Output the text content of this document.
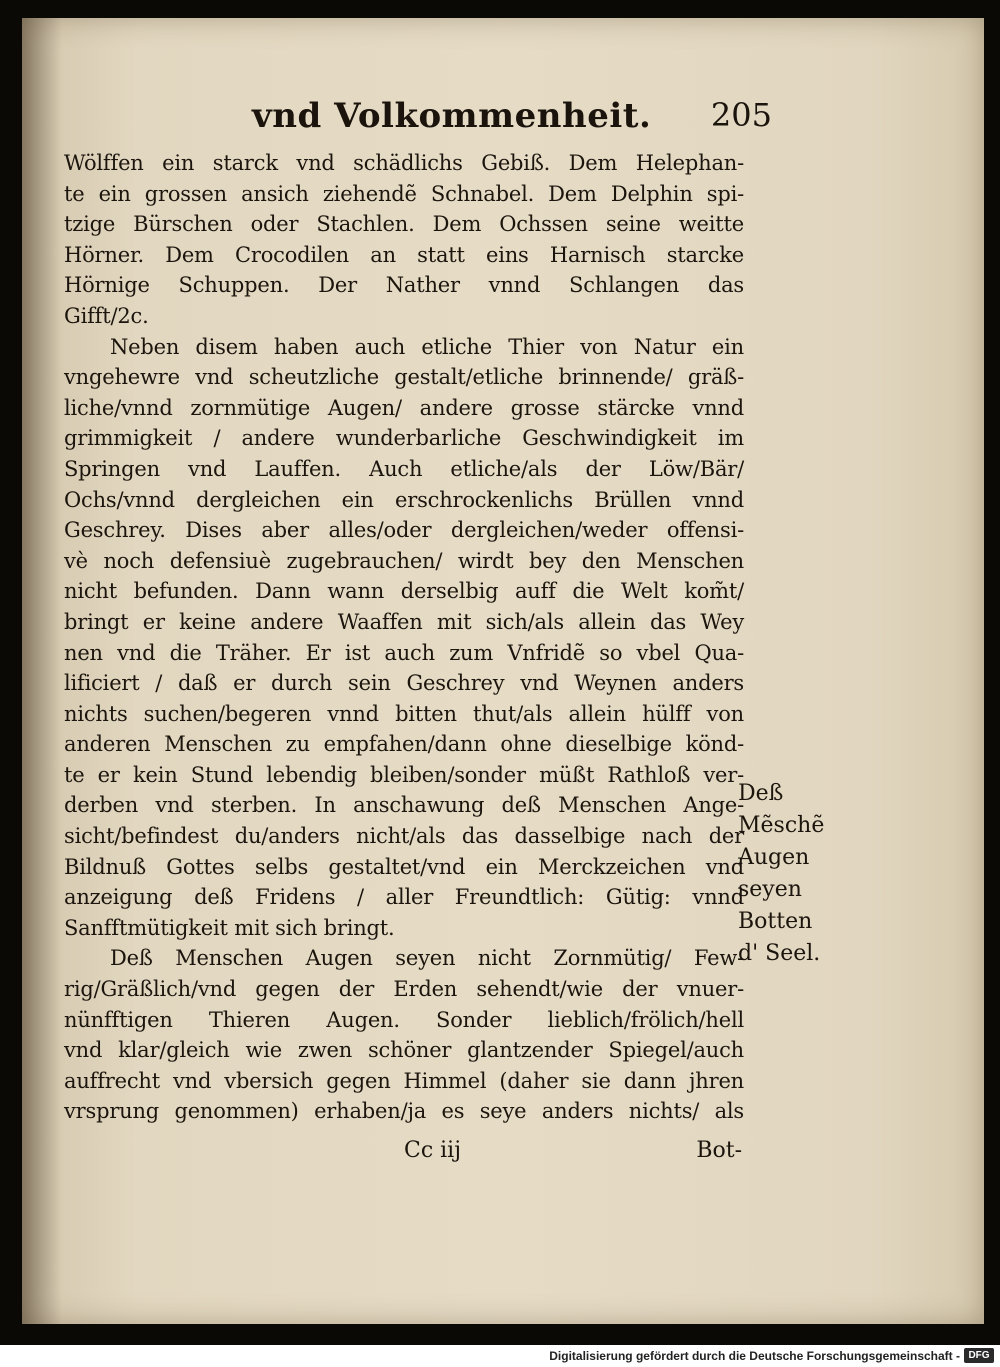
vnd Volkommenheit. 205
Wölffen ein starck vnd schädlichs Gebiß. Dem Helephan-
te ein grossen ansich ziehendẽ Schnabel. Dem Delphin spi-
tzige Bürschen oder Stachlen. Dem Ochssen seine weitte
Hörner. Dem Crocodilen an statt eins Harnisch starcke
Hörnige Schuppen. Der Nather vnnd Schlangen das
Gifft/2c.
Neben disem haben auch etliche Thier von Natur ein
vngehewre vnd scheutzliche gestalt/etliche brinnende/ gräß-
liche/vnnd zornmütige Augen/ andere grosse stärcke vnnd
grimmigkeit / andere wunderbarliche Geschwindigkeit im
Springen vnd Lauffen. Auch etliche/als der Löw/Bär/
Ochs/vnnd dergleichen ein erschrockenlichs Brüllen vnnd
Geschrey. Dises aber alles/oder dergleichen/weder offensi-
vè noch defensiuè zugebrauchen/ wirdt bey den Menschen
nicht befunden. Dann wann derselbig auff die Welt kom̃t/
bringt er keine andere Waaffen mit sich/als allein das Wey
nen vnd die Träher. Er ist auch zum Vnfridẽ so vbel Qua-
lificiert / daß er durch sein Geschrey vnd Weynen anders
nichts suchen/begeren vnnd bitten thut/als allein hülff von
anderen Menschen zu empfahen/dann ohne dieselbige könd-
te er kein Stund lebendig bleiben/sonder müßt Rathloß ver-
derben vnd sterben. In anschawung deß Menschen Ange-
sicht/befindest du/anders nicht/als das dasselbige nach der
Bildnuß Gottes selbs gestaltet/vnd ein Merckzeichen vnd
anzeigung deß Fridens / aller Freundtlich: Gütig: vnnd
Sanfftmütigkeit mit sich bringt.
Deß Menschen Augen seyen nicht Zornmütig/ Few-
rig/Gräßlich/vnd gegen der Erden sehendt/wie der vnuer-
nünfftigen Thieren Augen. Sonder lieblich/frölich/hell
vnd klar/gleich wie zwen schöner glantzender Spiegel/auch
auffrecht vnd vbersich gegen Himmel (daher sie dann jhren
vrsprung genommen) erhaben/ja es seye anders nichts/ als
Deß
Mẽschẽ
Augen
seyen
Botten
d' Seel.
Cc iij	Bot-
Digitalisierung gefördert durch die Deutsche Forschungsgemeinschaft - DFG
